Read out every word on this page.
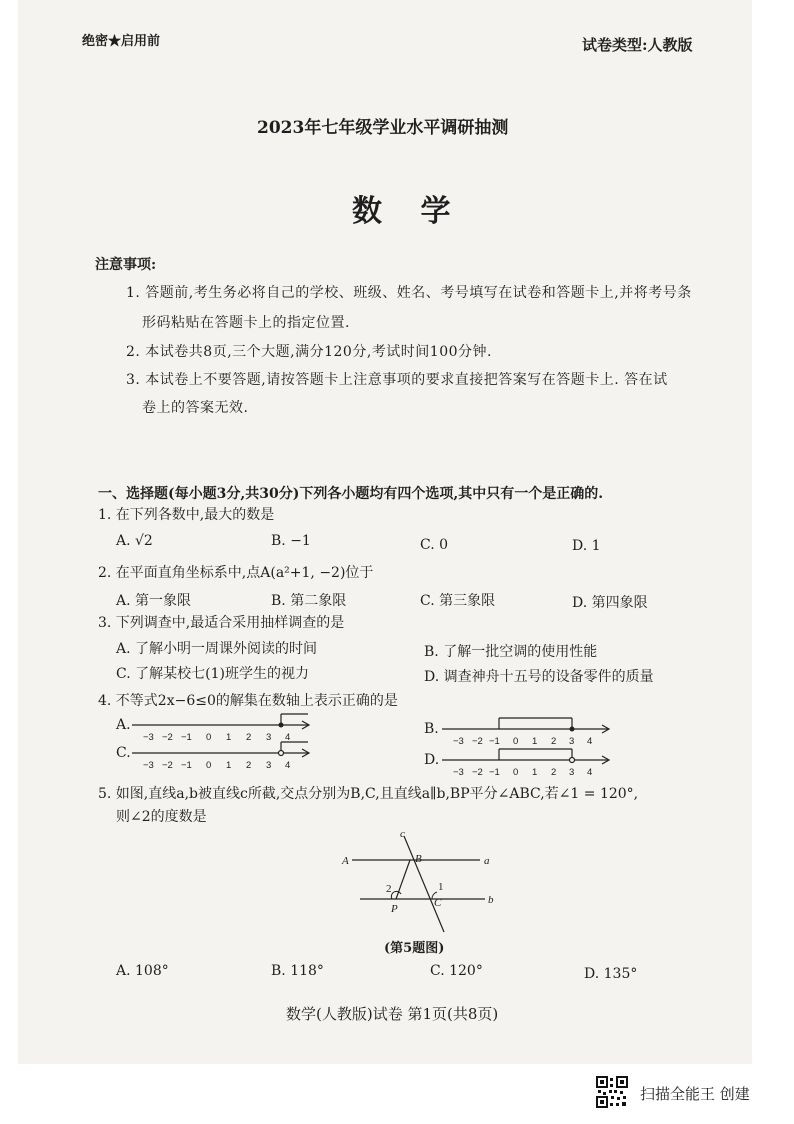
绝密★启用前	试卷类型:人教版
2023年七年级学业水平调研抽测
数 学
注意事项:
1. 答题前,考生务必将自己的学校、班级、姓名、考号填写在试卷和答题卡上,并将考号条
形码粘贴在答题卡上的指定位置.
2. 本试卷共8页,三个大题,满分120分,考试时间100分钟.
3. 本试卷上不要答题,请按答题卡上注意事项的要求直接把答案写在答题卡上. 答在试
卷上的答案无效.
一、选择题(每小题3分,共30分)下列各小题均有四个选项,其中只有一个是正确的.
1. 在下列各数中,最大的数是
A. √2	B. −1	C. 0	D. 1
2. 在平面直角坐标系中,点A(a²+1, −2)位于
A. 第一象限	B. 第二象限	C. 第三象限	D. 第四象限
3. 下列调查中,最适合采用抽样调查的是
A. 了解小明一周课外阅读的时间	B. 了解一批空调的使用性能
C. 了解某校七(1)班学生的视力	D. 调查神舟十五号的设备零件的质量
4. 不等式2x−6≤0的解集在数轴上表示正确的是
A.
−3 −2 −1 0 1 2 3 4
C.
−3 −2 −1 0 1 2 3 4
B.
−3 −2 −1 0 1 2 3 4
D.
−3 −2 −1 0 1 2 3 4
5. 如图,直线a,b被直线c所截,交点分别为B,C,且直线a∥b,BP平分∠ABC,若∠1 = 120°,
则∠2的度数是
c
A	B	a
C
P
b
2	1
(第5题图)
A. 108°	B. 118°	C. 120°	D. 135°
数学(人教版)试卷 第1页(共8页)
扫描全能王 创建
